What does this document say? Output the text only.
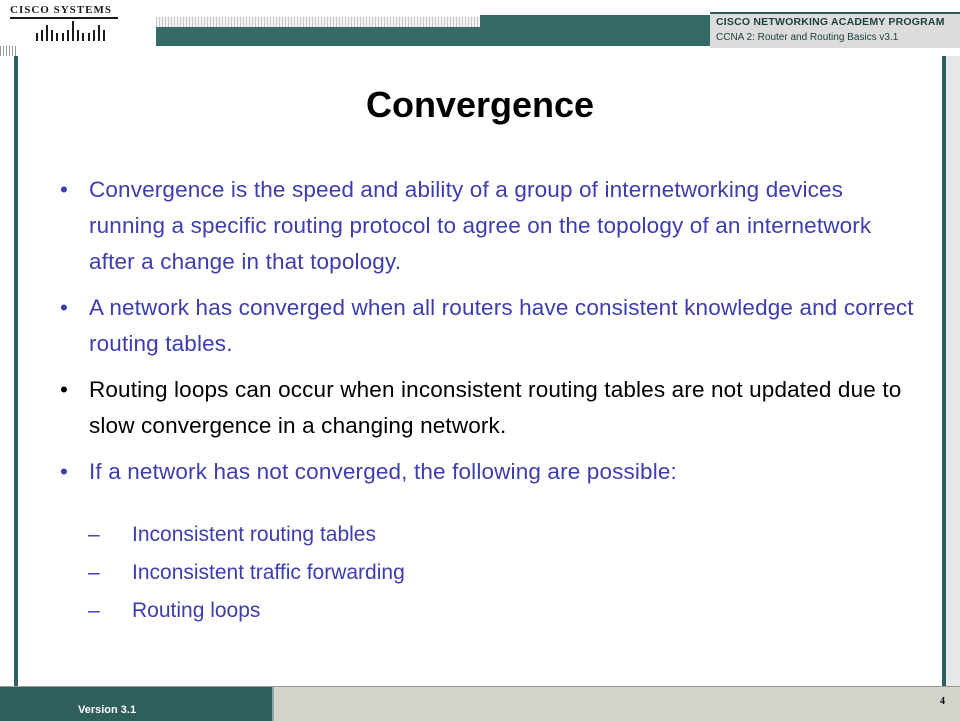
CISCO SYSTEMS
CISCO NETWORKING ACADEMY PROGRAM
CCNA 2: Router and Routing Basics v3.1
Convergence
• Convergence is the speed and ability of a group of internetworking devices running a specific routing protocol to agree on the topology of an internetwork after a change in that topology.
• A network has converged when all routers have consistent knowledge and correct routing tables.
• Routing loops can occur when inconsistent routing tables are not updated due to slow convergence in a changing network.
• If a network has not converged, the following are possible:
– Inconsistent routing tables
– Inconsistent traffic forwarding
– Routing loops
Version 3.1
4
